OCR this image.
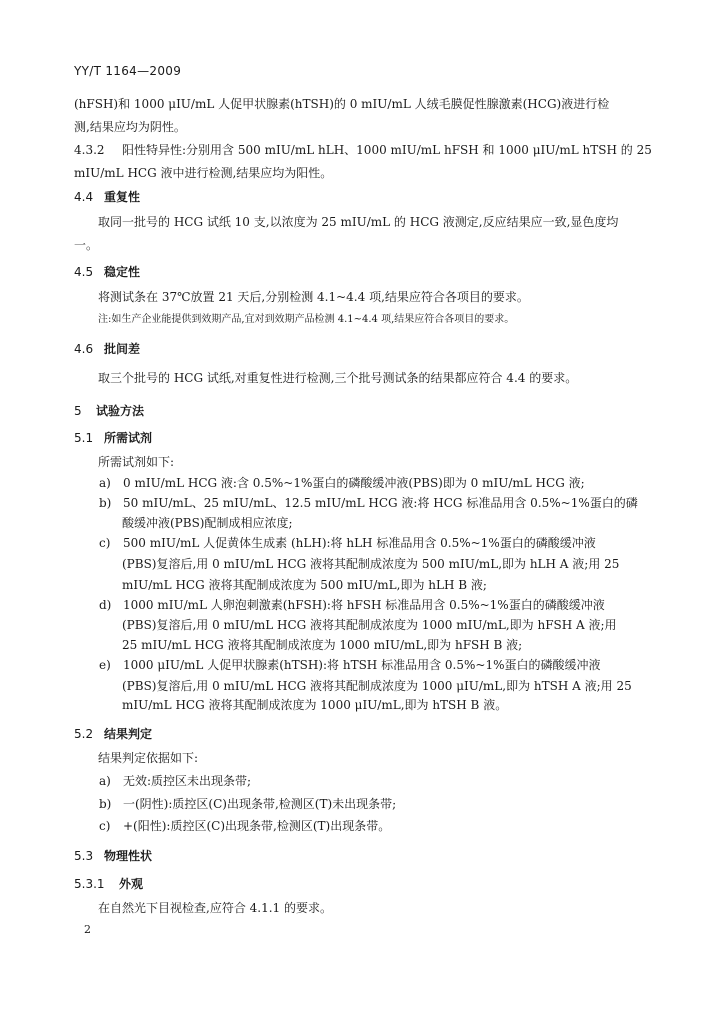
YY/T 1164—2009
(hFSH)和 1000 μIU/mL 人促甲状腺素(hTSH)的 0 mIU/mL 人绒毛膜促性腺激素(HCG)液进行检
测,结果应均为阴性。
4.3.2 阳性特异性:分别用含 500 mIU/mL hLH、1000 mIU/mL hFSH 和 1000 μIU/mL hTSH 的 25
mIU/mL HCG 液中进行检测,结果应均为阳性。
4.4 重复性
取同一批号的 HCG 试纸 10 支,以浓度为 25 mIU/mL 的 HCG 液测定,反应结果应一致,显色度均
一。
4.5 稳定性
将测试条在 37℃放置 21 天后,分别检测 4.1~4.4 项,结果应符合各项目的要求。
注:如生产企业能提供到效期产品,宜对到效期产品检测 4.1~4.4 项,结果应符合各项目的要求。
4.6 批间差
取三个批号的 HCG 试纸,对重复性进行检测,三个批号测试条的结果都应符合 4.4 的要求。
5 试验方法
5.1 所需试剂
所需试剂如下:
a) 0 mIU/mL HCG 液:含 0.5%~1%蛋白的磷酸缓冲液(PBS)即为 0 mIU/mL HCG 液;
b) 50 mIU/mL、25 mIU/mL、12.5 mIU/mL HCG 液:将 HCG 标准品用含 0.5%~1%蛋白的磷
酸缓冲液(PBS)配制成相应浓度;
c) 500 mIU/mL 人促黄体生成素 (hLH):将 hLH 标准品用含 0.5%~1%蛋白的磷酸缓冲液
(PBS)复溶后,用 0 mIU/mL HCG 液将其配制成浓度为 500 mIU/mL,即为 hLH A 液;用 25
mIU/mL HCG 液将其配制成浓度为 500 mIU/mL,即为 hLH B 液;
d) 1000 mIU/mL 人卵泡刺激素(hFSH):将 hFSH 标准品用含 0.5%~1%蛋白的磷酸缓冲液
(PBS)复溶后,用 0 mIU/mL HCG 液将其配制成浓度为 1000 mIU/mL,即为 hFSH A 液;用
25 mIU/mL HCG 液将其配制成浓度为 1000 mIU/mL,即为 hFSH B 液;
e) 1000 μIU/mL 人促甲状腺素(hTSH):将 hTSH 标准品用含 0.5%~1%蛋白的磷酸缓冲液
(PBS)复溶后,用 0 mIU/mL HCG 液将其配制成浓度为 1000 μIU/mL,即为 hTSH A 液;用 25
mIU/mL HCG 液将其配制成浓度为 1000 μIU/mL,即为 hTSH B 液。
5.2 结果判定
结果判定依据如下:
a) 无效:质控区未出现条带;
b) 一(阴性):质控区(C)出现条带,检测区(T)未出现条带;
c) +(阳性):质控区(C)出现条带,检测区(T)出现条带。
5.3 物理性状
5.3.1 外观
在自然光下目视检查,应符合 4.1.1 的要求。
2
